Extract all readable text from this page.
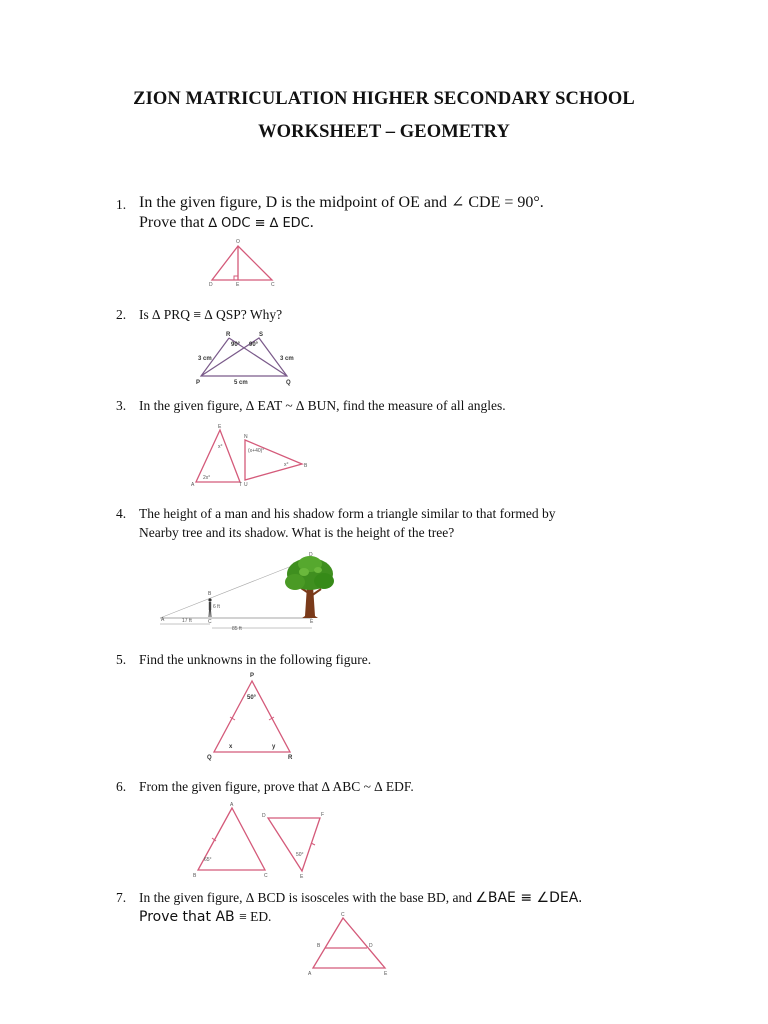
ZION MATRICULATION HIGHER SECONDARY SCHOOL
WORKSHEET – GEOMETRY
1. In the given figure, D is the midpoint of OE and ∠ CDE = 90°.
Prove that ∆ ODC ≡ ∆ EDC.
O
D	E	C
2. Is ∆ PRQ ≡ ∆ QSP? Why?
R	S
90° 90°
3 cm	3 cm
5 cm
P	Q
3. In the given figure, ∆ EAT ~ ∆ BUN, find the measure of all angles.
E
A	T
2x°
x°
N
(x+40)°
U
x°	B
4. The height of a man and his shadow form a triangle similar to that formed by
Nearby tree and its shadow. What is the height of the tree?
D
B
6 ft
A	C	E
17 ft
85 ft
5. Find the unknowns in the following figure.
P
50°
Q	R
x	y
6. From the given figure, prove that ∆ ABC ~ ∆ EDF.
A
B	C
65°
D	F
50°
E
7. In the given figure, ∆ BCD is isosceles with the base BD, and ∠BAE ≡ ∠DEA.
Prove that AB ≡ ED.	C
B	D
A	E
